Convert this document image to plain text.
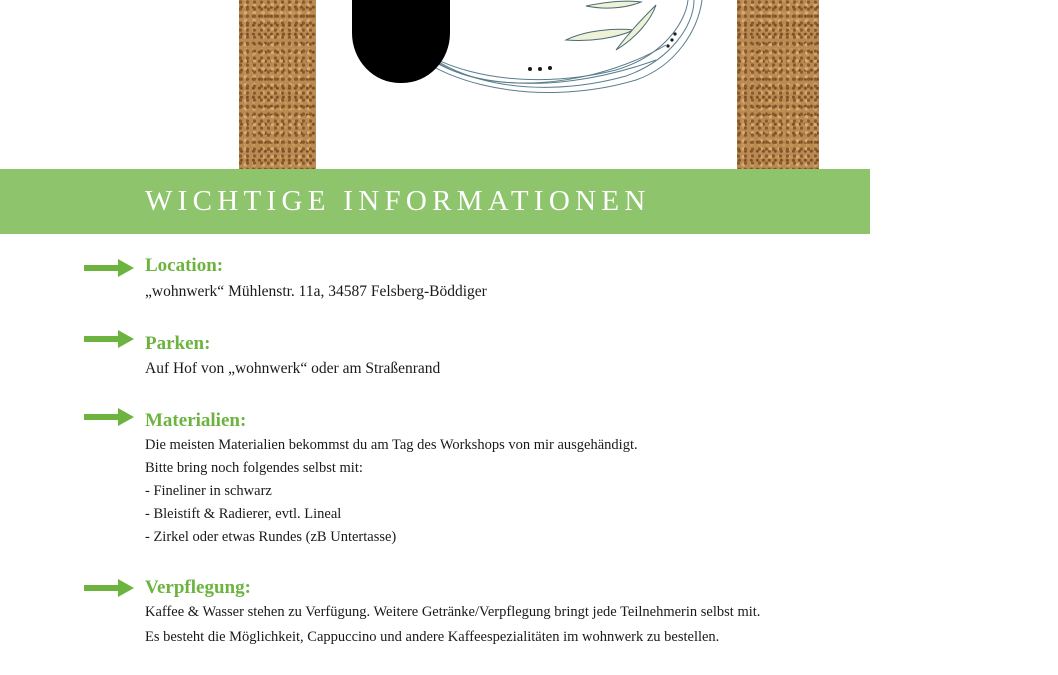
WICHTIGE INFORMATIONEN
Location:
„wohnwerk“ Mühlenstr. 11a, 34587 Felsberg-Böddiger
Parken:
Auf Hof von „wohnwerk“ oder am Straßenrand
Materialien:
Die meisten Materialien bekommst du am Tag des Workshops von mir ausgehändigt.
Bitte bring noch folgendes selbst mit:
- Fineliner in schwarz
- Bleistift & Radierer, evtl. Lineal
- Zirkel oder etwas Rundes (zB Untertasse)
Verpflegung:
Kaffee & Wasser stehen zu Verfügung. Weitere Getränke/Verpflegung bringt jede Teilnehmerin selbst mit.
Es besteht die Möglichkeit, Cappuccino und andere Kaffeespezialitäten im wohnwerk zu bestellen.
